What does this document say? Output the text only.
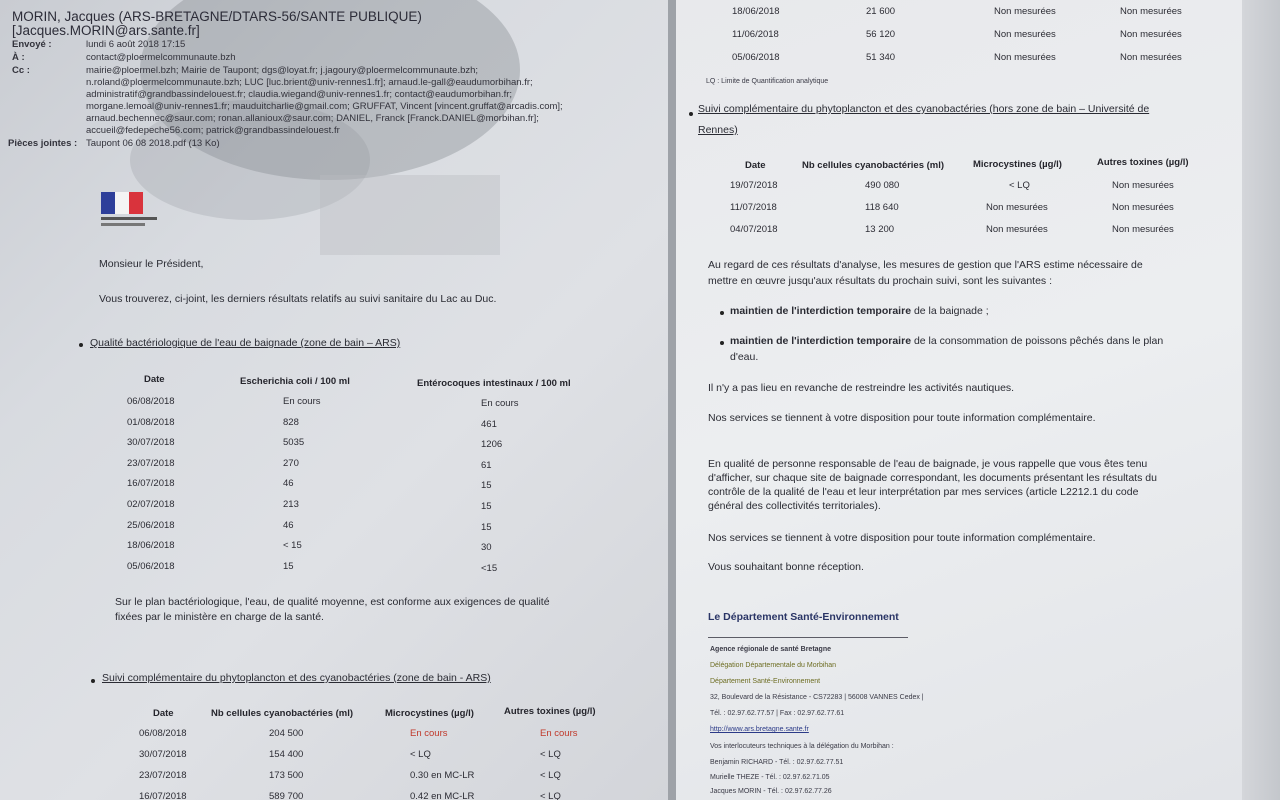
MORIN, Jacques (ARS-BRETAGNE/DTARS-56/SANTE PUBLIQUE)
[Jacques.MORIN@ars.sante.fr]
Envoyé :	lundi 6 août 2018 17:15
À :	contact@ploermelcommunaute.bzh
Cc :	mairie@ploermel.bzh; Mairie de Taupont; dgs@loyat.fr; j.jagoury@ploermelcommunaute.bzh;
n.roland@ploermelcommunaute.bzh; LUC [luc.brient@univ-rennes1.fr]; arnaud.le-gall@eaudumorbihan.fr;
administratif@grandbassindelouest.fr; claudia.wiegand@univ-rennes1.fr; contact@eaudumorbihan.fr;
morgane.lemoal@univ-rennes1.fr; mauduitcharlie@gmail.com; GRUFFAT, Vincent [vincent.gruffat@arcadis.com];
arnaud.bechennec@saur.com; ronan.allanioux@saur.com; DANIEL, Franck [Franck.DANIEL@morbihan.fr];
accueil@fedepeche56.com; patrick@grandbassindelouest.fr
Pièces jointes : Taupont 06 08 2018.pdf (13 Ko)
Monsieur le Président,
Vous trouverez, ci-joint, les derniers résultats relatifs au suivi sanitaire du Lac au Duc.
Qualité bactériologique de l'eau de baignade (zone de bain – ARS)
Date	Escherichia coli / 100 ml	Entérocoques intestinaux / 100 ml
06/08/2018	En cours	En cours
01/08/2018	828	461
30/07/2018	5035	1206
23/07/2018	270	61
16/07/2018	46	15
02/07/2018	213	15
25/06/2018	46	15
18/06/2018	< 15	30
05/06/2018	15	<15
Sur le plan bactériologique, l'eau, de qualité moyenne, est conforme aux exigences de qualité
fixées par le ministère en charge de la santé.
Suivi complémentaire du phytoplancton et des cyanobactéries (zone de bain - ARS)
Date	Nb cellules cyanobactéries (ml)	Microcystines (µg/l)	Autres toxines (µg/l)
06/08/2018	204 500	En cours	En cours
30/07/2018	154 400	< LQ	< LQ
23/07/2018	173 500	0.30 en MC-LR	< LQ
16/07/2018	589 700	0.42 en MC-LR	< LQ
18/06/2018	21 600	Non mesurées	Non mesurées
11/06/2018	56 120	Non mesurées	Non mesurées
05/06/2018	51 340	Non mesurées	Non mesurées
LQ : Limite de Quantification analytique
Suivi complémentaire du phytoplancton et des cyanobactéries (hors zone de bain – Université de
Rennes)
Date	Nb cellules cyanobactéries (ml)	Microcystines (µg/l)	Autres toxines (µg/l)
19/07/2018	490 080	< LQ	Non mesurées
11/07/2018	118 640	Non mesurées	Non mesurées
04/07/2018	13 200	Non mesurées	Non mesurées
Au regard de ces résultats d'analyse, les mesures de gestion que l'ARS estime nécessaire de
mettre en œuvre jusqu'aux résultats du prochain suivi, sont les suivantes :
maintien de l'interdiction temporaire de la baignade ;
maintien de l'interdiction temporaire de la consommation de poissons pêchés dans le plan
d'eau.
Il n'y a pas lieu en revanche de restreindre les activités nautiques.
Nos services se tiennent à votre disposition pour toute information complémentaire.
En qualité de personne responsable de l'eau de baignade, je vous rappelle que vous êtes tenu
d'afficher, sur chaque site de baignade correspondant, les documents présentant les résultats du
contrôle de la qualité de l'eau et leur interprétation par mes services (article L2212.1 du code
général des collectivités territoriales).
Nos services se tiennent à votre disposition pour toute information complémentaire.
Vous souhaitant bonne réception.
Le Département Santé-Environnement
Agence régionale de santé Bretagne
Délégation Départementale du Morbihan
Département Santé-Environnement
32, Boulevard de la Résistance - CS72283 | 56008 VANNES Cedex |
Tél. : 02.97.62.77.57 | Fax : 02.97.62.77.61
http://www.ars.bretagne.sante.fr
Vos interlocuteurs techniques à la délégation du Morbihan :
Benjamin RICHARD - Tél. : 02.97.62.77.51
Murielle THEZE - Tél. : 02.97.62.71.05
Jacques MORIN - Tél. : 02.97.62.77.26
